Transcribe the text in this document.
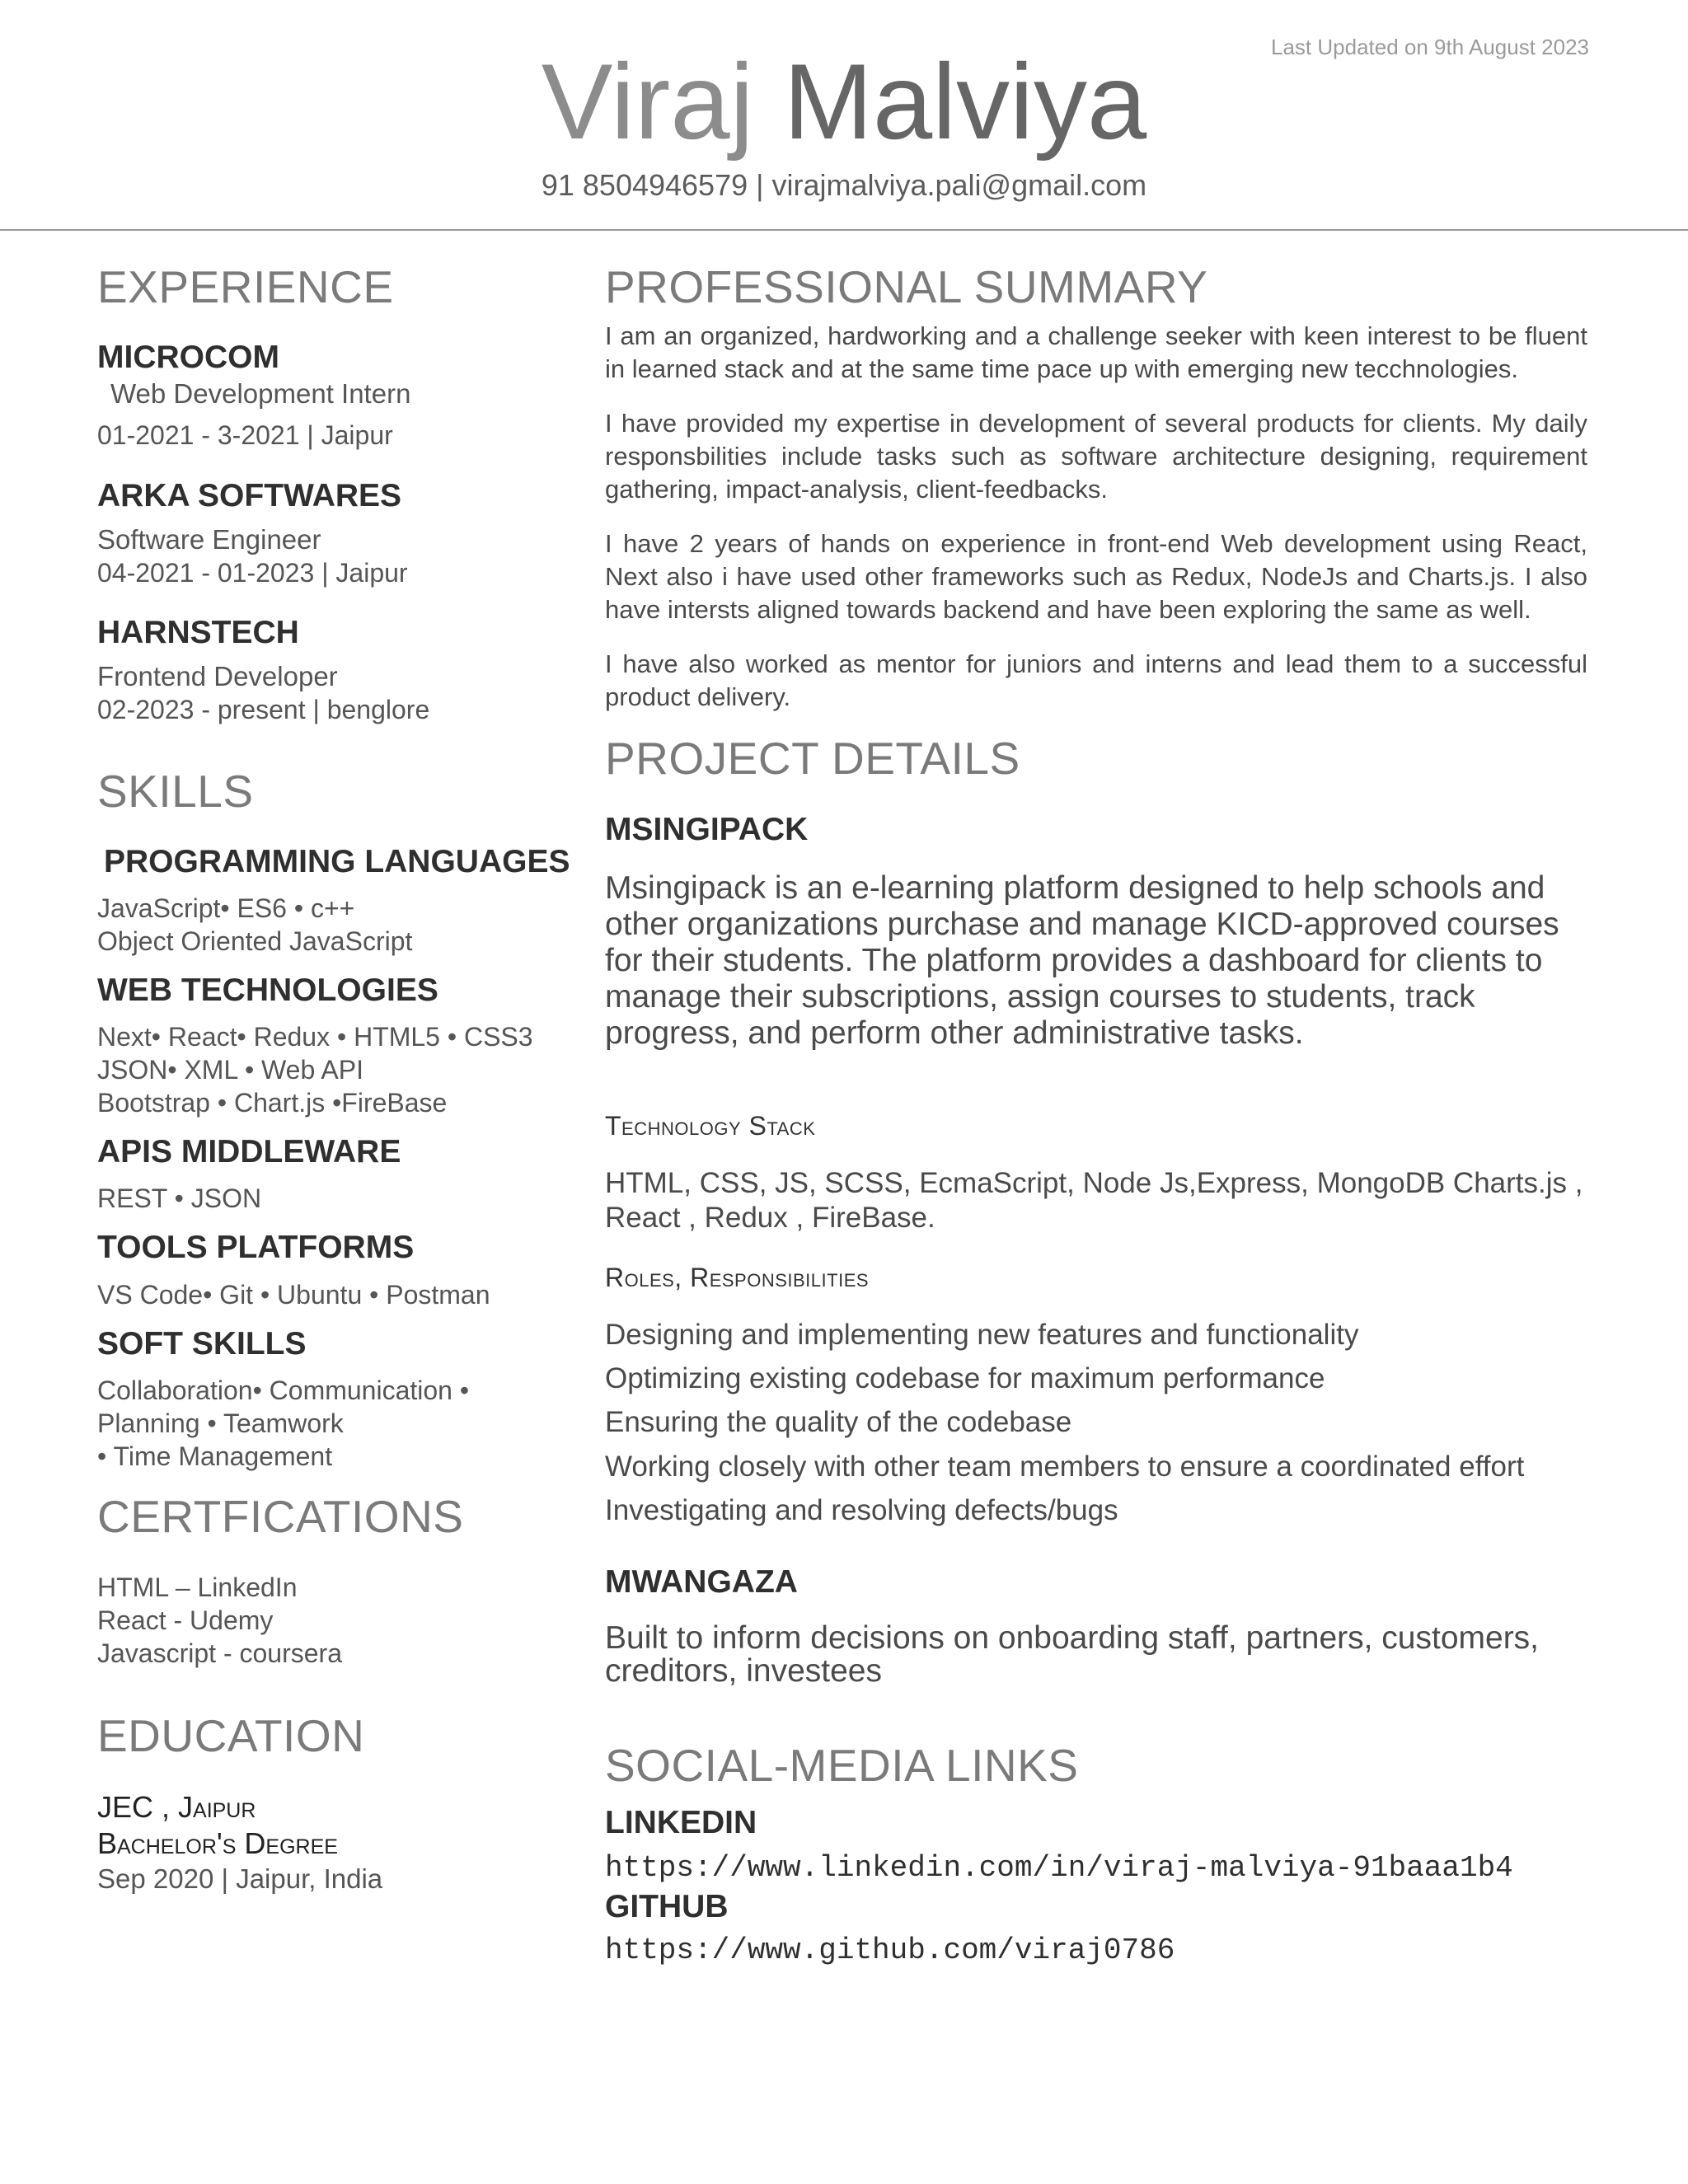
Last Updated on 9th August 2023
Viraj Malviya
91 8504946579 | virajmalviya.pali@gmail.com
EXPERIENCE
MICROCOM
Web Development Intern
01-2021 - 3-2021 | Jaipur
ARKA SOFTWARES
Software Engineer
04-2021 - 01-2023 | Jaipur
HARNSTECH
Frontend Developer
02-2023 - present | benglore
SKILLS
PROGRAMMING LANGUAGES
JavaScript• ES6 • c++
Object Oriented JavaScript
WEB TECHNOLOGIES
Next• React• Redux • HTML5 • CSS3
JSON• XML • Web API
Bootstrap • Chart.js •FireBase
APIS MIDDLEWARE
REST • JSON
TOOLS PLATFORMS
VS Code• Git • Ubuntu • Postman
SOFT SKILLS
Collaboration• Communication •
Planning • Teamwork
• Time Management
CERTFICATIONS
HTML – LinkedIn
React - Udemy
Javascript - coursera
EDUCATION
JEC , Jaipur
Bachelor's Degree
Sep 2020 | Jaipur, India
PROFESSIONAL SUMMARY
I am an organized, hardworking and a challenge seeker with keen interest to be fluent in learned stack and at the same time pace up with emerging new tecchnologies.
I have provided my expertise in development of several products for clients. My daily responsbilities include tasks such as software architecture designing, requirement gathering, impact-analysis, client-feedbacks.
I have 2 years of hands on experience in front-end Web development using React, Next also i have used other frameworks such as Redux, NodeJs and Charts.js. I also have intersts aligned towards backend and have been exploring the same as well.
I have also worked as mentor for juniors and interns and lead them to a successful product delivery.
PROJECT DETAILS
MSINGIPACK
Msingipack is an e-learning platform designed to help schools and other organizations purchase and manage KICD-approved courses for their students. The platform provides a dashboard for clients to manage their subscriptions, assign courses to students, track progress, and perform other administrative tasks.
Technology Stack
HTML, CSS, JS, SCSS, EcmaScript, Node Js,Express, MongoDB Charts.js ,
React , Redux , FireBase.
Roles, Responsibilities
Designing and implementing new features and functionality
Optimizing existing codebase for maximum performance
Ensuring the quality of the codebase
Working closely with other team members to ensure a coordinated effort
Investigating and resolving defects/bugs
MWANGAZA
Built to inform decisions on onboarding staff, partners, customers, creditors, investees
SOCIAL-MEDIA LINKS
LINKEDIN
https://www.linkedin.com/in/viraj-malviya-91baaa1b4
GITHUB
https://www.github.com/viraj0786
